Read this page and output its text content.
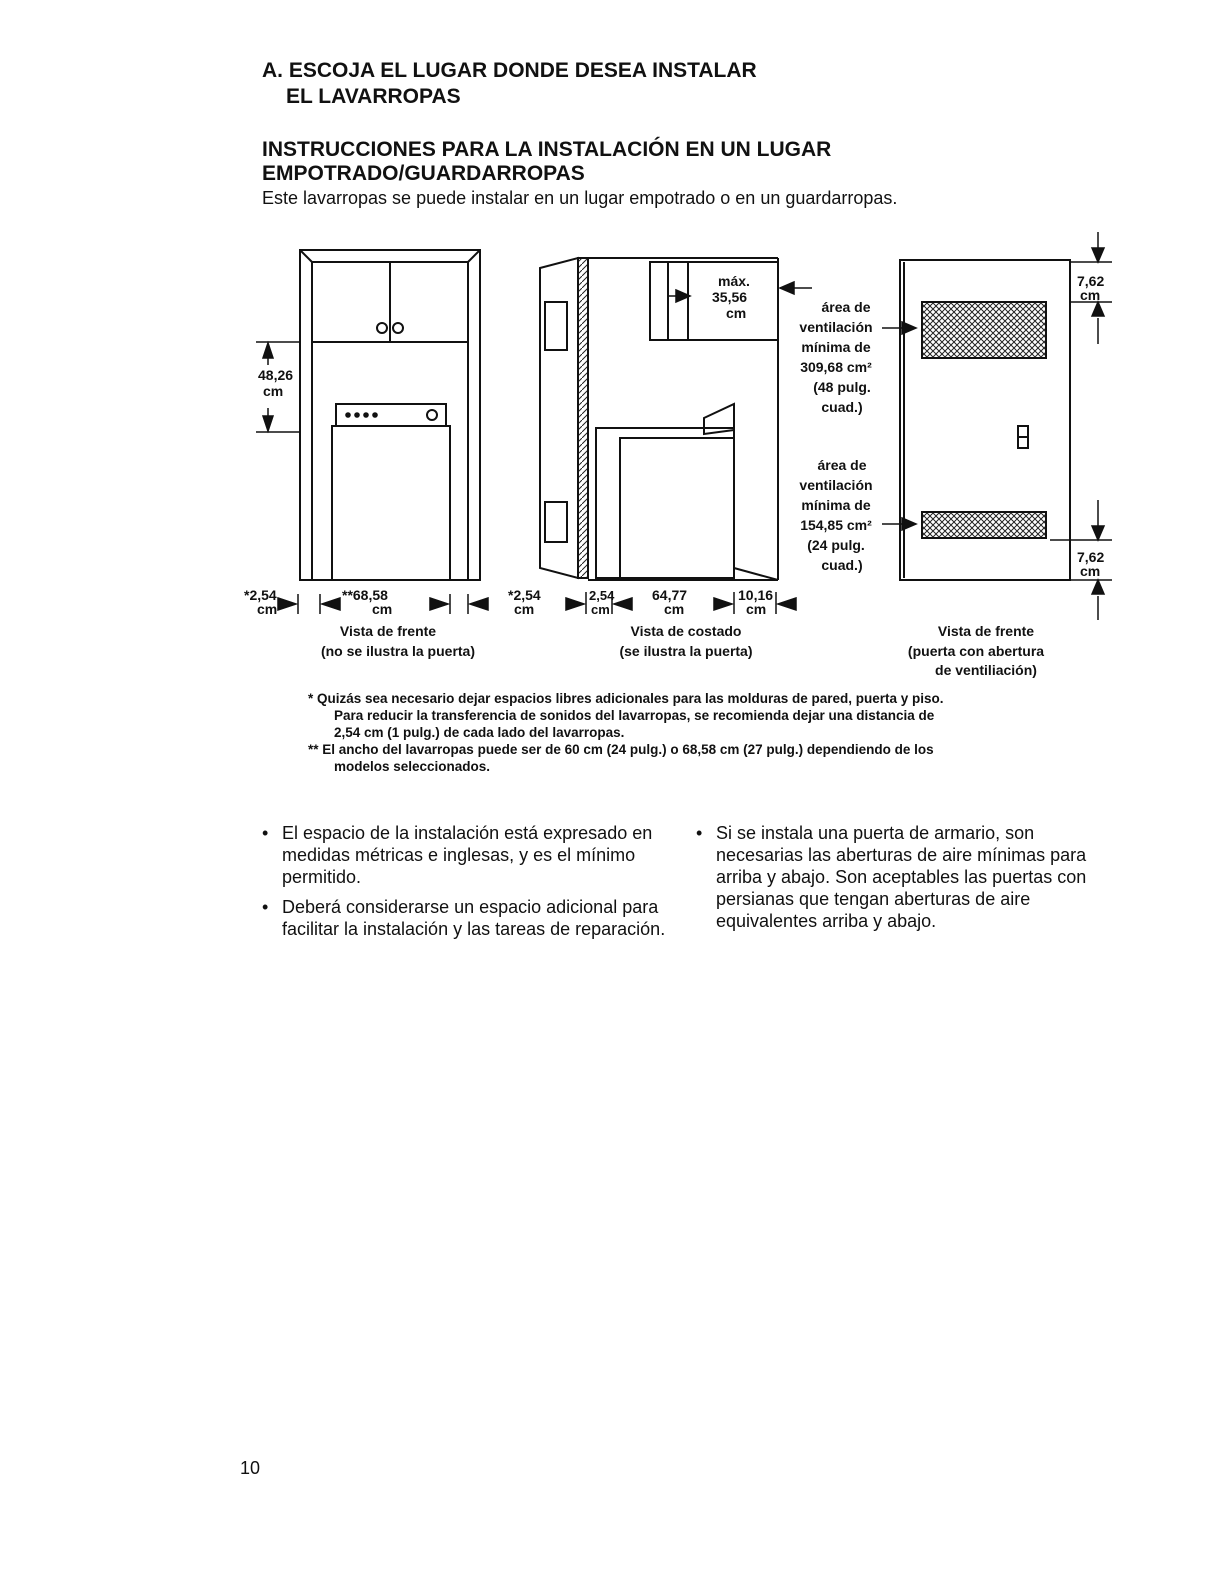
A. ESCOJA EL LUGAR DONDE DESEA INSTALAR
EL LAVARROPAS
INSTRUCCIONES PARA LA INSTALACIÓN EN UN LUGAR
EMPOTRADO/GUARDARROPAS

Este lavarropas se puede instalar en un lugar empotrado o en un guardarropas.

48,26
cm
*2,54
cm
**68,58
cm
*2,54
cm
Vista de frente
(no se ilustra la puerta)
máx.
35,56
cm
2,54
cm
64,77
cm
10,16
cm
Vista de costado
(se ilustra la puerta)
área de
ventilación
mínima de
309,68 cm²
(48 pulg.
cuad.)
área de
ventilación
mínima de
154,85 cm²
(24 pulg.
cuad.)
7,62
cm
7,62
cm
Vista de frente
(puerta con abertura
de ventiliación)

* Quizás sea necesario dejar espacios libres adicionales para las molduras de pared, puerta y piso.

Para reducir la transferencia de sonidos del lavarropas, se recomienda dejar una distancia de

2,54 cm (1 pulg.) de cada lado del lavarropas.

** El ancho del lavarropas puede ser de 60 cm (24 pulg.) o 68,58 cm (27 pulg.) dependiendo de los

modelos seleccionados.

• El espacio de la instalación está expresado en medidas métricas e inglesas, y es el mínimo permitido.
• Deberá considerarse un espacio adicional para facilitar la instalación y las tareas de reparación.
• Si se instala una puerta de armario, son necesarias las aberturas de aire mínimas para arriba y abajo. Son aceptables las puertas con persianas que tengan aberturas de aire equivalentes arriba y abajo.
10
